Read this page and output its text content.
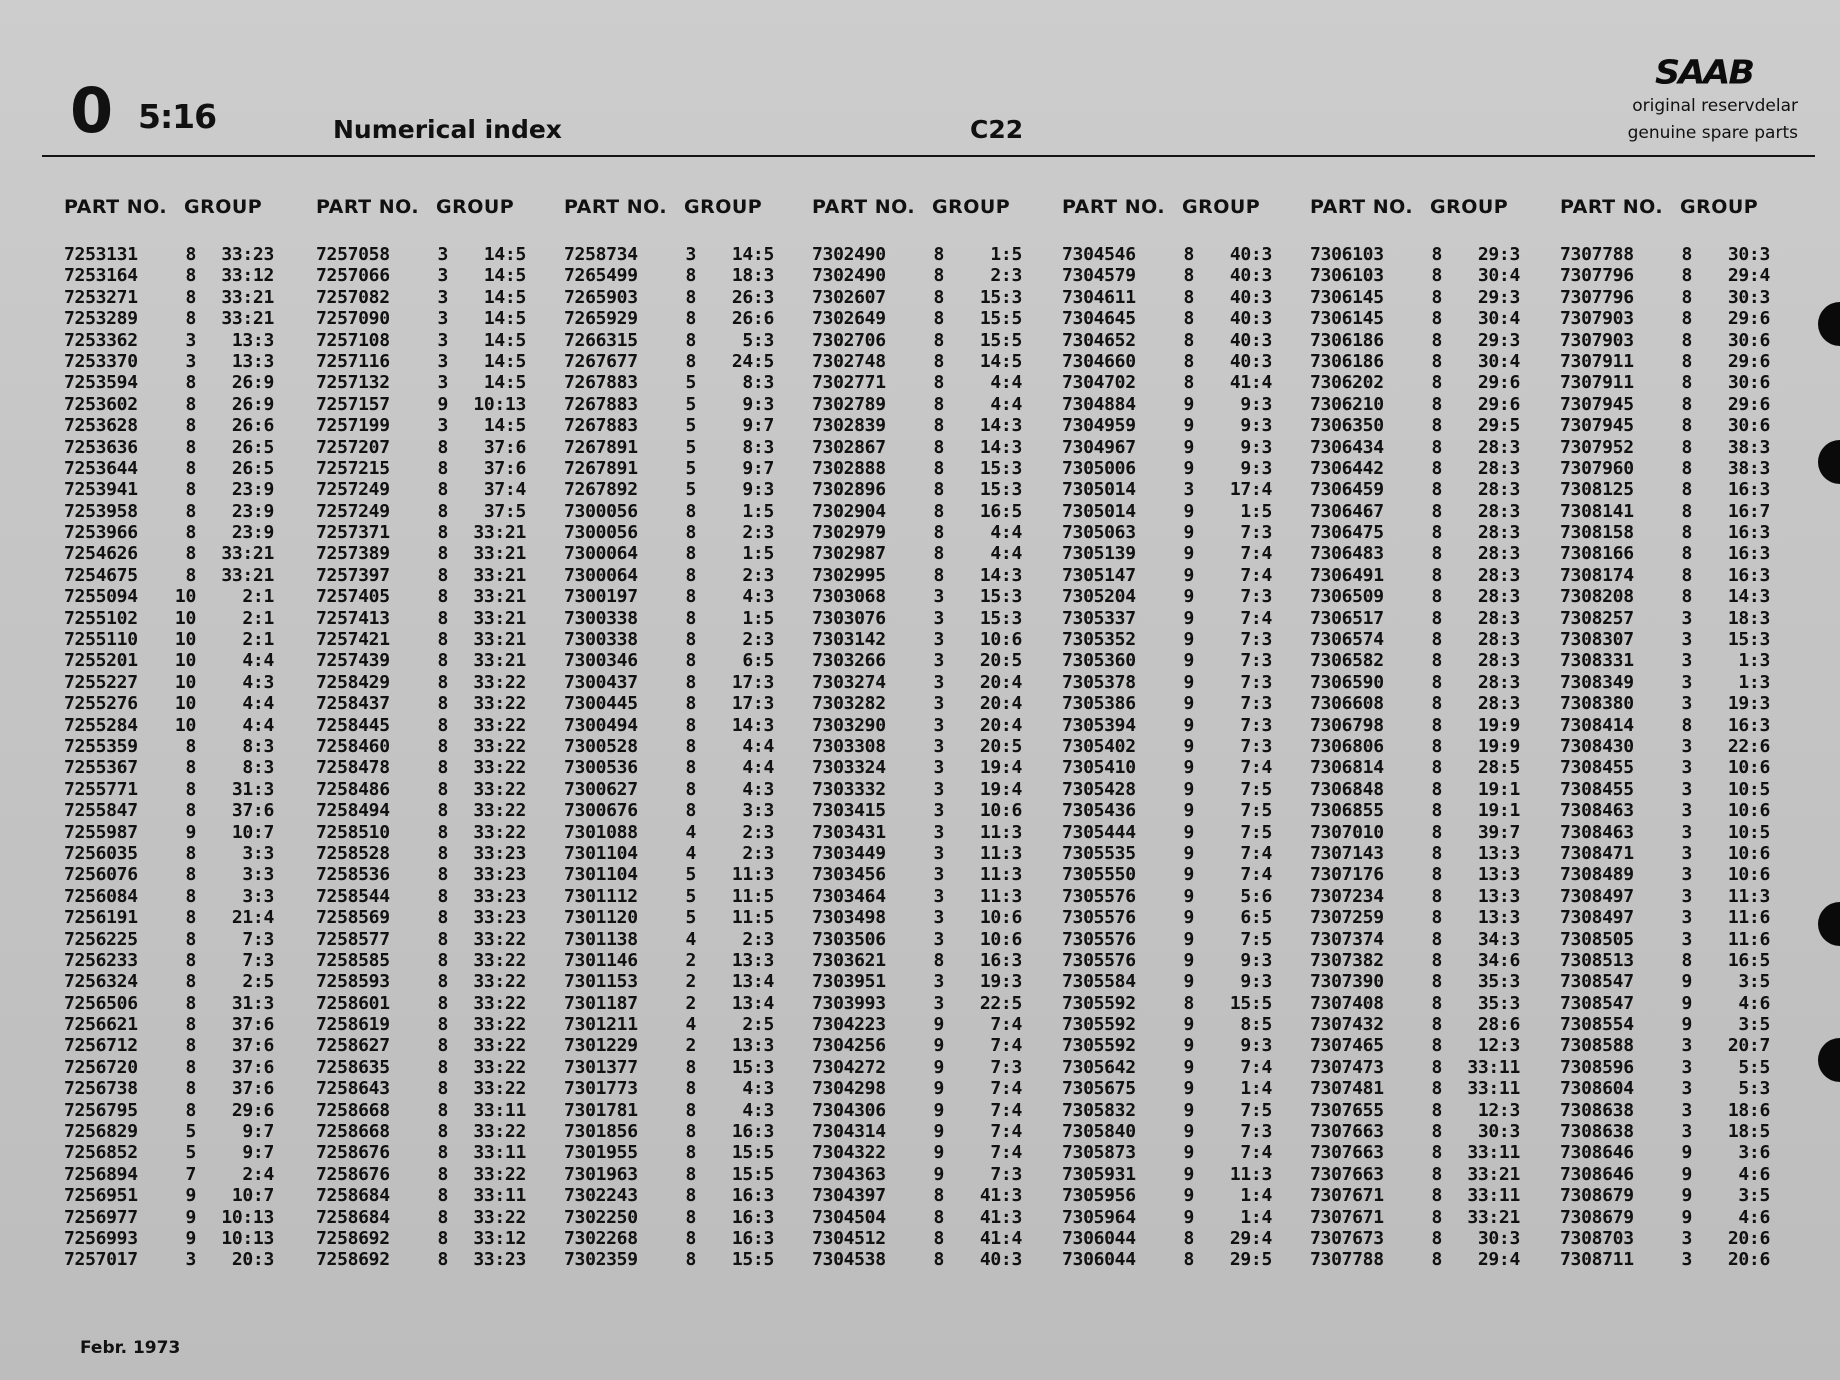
0 5:16	Numerical index	C22
SAAB
original reservdelar
genuine spare parts
PART NO. GROUP
7253131	8	33:23
7253164	8	33:12
7253271	8	33:21
7253289	8	33:21
7253362	3	13:3
7253370	3	13:3
7253594	8	26:9
7253602	8	26:9
7253628	8	26:6
7253636	8	26:5
7253644	8	26:5
7253941	8	23:9
7253958	8	23:9
7253966	8	23:9
7254626	8	33:21
7254675	8	33:21
7255094 10	2:1
7255102 10	2:1
7255110 10	2:1
7255201 10	4:4
7255227 10	4:3
7255276 10	4:4
7255284 10	4:4
7255359	8	8:3
7255367	8	8:3
7255771	8	31:3
7255847	8	37:6
7255987	9	10:7
7256035	8	3:3
7256076	8	3:3
7256084	8	3:3
7256191	8	21:4
7256225	8	7:3
7256233	8	7:3
7256324	8	2:5
7256506	8	31:3
7256621	8	37:6
7256712	8	37:6
7256720	8	37:6
7256738	8	37:6
7256795	8	29:6
7256829	5	9:7
7256852	5	9:7
7256894	7	2:4
7256951	9	10:7
7256977	9	10:13
7256993	9	10:13
7257017	3	20:3
PART NO. GROUP
7257058	3	14:5
7257066	3	14:5
7257082	3	14:5
7257090	3	14:5
7257108	3	14:5
7257116	3	14:5
7257132	3	14:5
7257157	9	10:13
7257199	3	14:5
7257207	8	37:6
7257215	8	37:6
7257249	8	37:4
7257249	8	37:5
7257371	8	33:21
7257389	8	33:21
7257397	8	33:21
7257405	8	33:21
7257413	8	33:21
7257421	8	33:21
7257439	8	33:21
7258429	8	33:22
7258437	8	33:22
7258445	8	33:22
7258460	8	33:22
7258478	8	33:22
7258486	8	33:22
7258494	8	33:22
7258510	8	33:22
7258528	8	33:23
7258536	8	33:23
7258544	8	33:23
7258569	8	33:23
7258577	8	33:22
7258585	8	33:22
7258593	8	33:22
7258601	8	33:22
7258619	8	33:22
7258627	8	33:22
7258635	8	33:22
7258643	8	33:22
7258668	8	33:11
7258668	8	33:22
7258676	8	33:11
7258676	8	33:22
7258684	8	33:11
7258684	8	33:22
7258692	8	33:12
7258692	8	33:23
PART NO. GROUP
7258734	3	14:5
7265499	8	18:3
7265903	8	26:3
7265929	8	26:6
7266315	8	5:3
7267677	8	24:5
7267883	5	8:3
7267883	5	9:3
7267883	5	9:7
7267891	5	8:3
7267891	5	9:7
7267892	5	9:3
7300056	8	1:5
7300056	8	2:3
7300064	8	1:5
7300064	8	2:3
7300197	8	4:3
7300338	8	1:5
7300338	8	2:3
7300346	8	6:5
7300437	8	17:3
7300445	8	17:3
7300494	8	14:3
7300528	8	4:4
7300536	8	4:4
7300627	8	4:3
7300676	8	3:3
7301088	4	2:3
7301104	4	2:3
7301104	5	11:3
7301112	5	11:5
7301120	5	11:5
7301138	4	2:3
7301146	2	13:3
7301153	2	13:4
7301187	2	13:4
7301211	4	2:5
7301229	2	13:3
7301377	8	15:3
7301773	8	4:3
7301781	8	4:3
7301856	8	16:3
7301955	8	15:5
7301963	8	15:5
7302243	8	16:3
7302250	8	16:3
7302268	8	16:3
7302359	8	15:5
PART NO. GROUP
7302490	8	1:5
7302490	8	2:3
7302607	8	15:3
7302649	8	15:5
7302706	8	15:5
7302748	8	14:5
7302771	8	4:4
7302789	8	4:4
7302839	8	14:3
7302867	8	14:3
7302888	8	15:3
7302896	8	15:3
7302904	8	16:5
7302979	8	4:4
7302987	8	4:4
7302995	8	14:3
7303068	3	15:3
7303076	3	15:3
7303142	3	10:6
7303266	3	20:5
7303274	3	20:4
7303282	3	20:4
7303290	3	20:4
7303308	3	20:5
7303324	3	19:4
7303332	3	19:4
7303415	3	10:6
7303431	3	11:3
7303449	3	11:3
7303456	3	11:3
7303464	3	11:3
7303498	3	10:6
7303506	3	10:6
7303621	8	16:3
7303951	3	19:3
7303993	3	22:5
7304223	9	7:4
7304256	9	7:4
7304272	9	7:3
7304298	9	7:4
7304306	9	7:4
7304314	9	7:4
7304322	9	7:4
7304363	9	7:3
7304397	8	41:3
7304504	8	41:3
7304512	8	41:4
7304538	8	40:3
PART NO. GROUP
7304546	8	40:3
7304579	8	40:3
7304611	8	40:3
7304645	8	40:3
7304652	8	40:3
7304660	8	40:3
7304702	8	41:4
7304884	9	9:3
7304959	9	9:3
7304967	9	9:3
7305006	9	9:3
7305014	3	17:4
7305014	9	1:5
7305063	9	7:3
7305139	9	7:4
7305147	9	7:4
7305204	9	7:3
7305337	9	7:4
7305352	9	7:3
7305360	9	7:3
7305378	9	7:3
7305386	9	7:3
7305394	9	7:3
7305402	9	7:3
7305410	9	7:4
7305428	9	7:5
7305436	9	7:5
7305444	9	7:5
7305535	9	7:4
7305550	9	7:4
7305576	9	5:6
7305576	9	6:5
7305576	9	7:5
7305576	9	9:3
7305584	9	9:3
7305592	8	15:5
7305592	9	8:5
7305592	9	9:3
7305642	9	7:4
7305675	9	1:4
7305832	9	7:5
7305840	9	7:3
7305873	9	7:4
7305931	9	11:3
7305956	9	1:4
7305964	9	1:4
7306044	8	29:4
7306044	8	29:5
PART NO. GROUP
7306103	8	29:3
7306103	8	30:4
7306145	8	29:3
7306145	8	30:4
7306186	8	29:3
7306186	8	30:4
7306202	8	29:6
7306210	8	29:6
7306350	8	29:5
7306434	8	28:3
7306442	8	28:3
7306459	8	28:3
7306467	8	28:3
7306475	8	28:3
7306483	8	28:3
7306491	8	28:3
7306509	8	28:3
7306517	8	28:3
7306574	8	28:3
7306582	8	28:3
7306590	8	28:3
7306608	8	28:3
7306798	8	19:9
7306806	8	19:9
7306814	8	28:5
7306848	8	19:1
7306855	8	19:1
7307010	8	39:7
7307143	8	13:3
7307176	8	13:3
7307234	8	13:3
7307259	8	13:3
7307374	8	34:3
7307382	8	34:6
7307390	8	35:3
7307408	8	35:3
7307432	8	28:6
7307465	8	12:3
7307473	8	33:11
7307481	8	33:11
7307655	8	12:3
7307663	8	30:3
7307663	8	33:11
7307663	8	33:21
7307671	8	33:11
7307671	8	33:21
7307673	8	30:3
7307788	8	29:4
PART NO. GROUP
7307788	8	30:3
7307796	8	29:4
7307796	8	30:3
7307903	8	29:6
7307903	8	30:6
7307911	8	29:6
7307911	8	30:6
7307945	8	29:6
7307945	8	30:6
7307952	8	38:3
7307960	8	38:3
7308125	8	16:3
7308141	8	16:7
7308158	8	16:3
7308166	8	16:3
7308174	8	16:3
7308208	8	14:3
7308257	3	18:3
7308307	3	15:3
7308331	3	1:3
7308349	3	1:3
7308380	3	19:3
7308414	8	16:3
7308430	3	22:6
7308455	3	10:6
7308455	3	10:5
7308463	3	10:6
7308463	3	10:5
7308471	3	10:6
7308489	3	10:6
7308497	3	11:3
7308497	3	11:6
7308505	3	11:6
7308513	8	16:5
7308547	9	3:5
7308547	9	4:6
7308554	9	3:5
7308588	3	20:7
7308596	3	5:5
7308604	3	5:3
7308638	3	18:6
7308638	3	18:5
7308646	9	3:6
7308646	9	4:6
7308679	9	3:5
7308679	9	4:6
7308703	3	20:6
7308711	3	20:6
Febr. 1973
